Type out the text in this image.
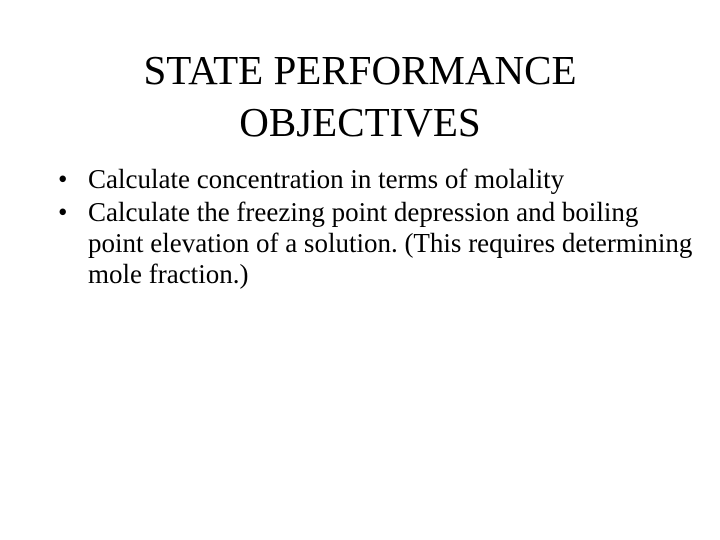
STATE PERFORMANCE
OBJECTIVES
• Calculate concentration in terms of molality
• Calculate the freezing point depression and boiling point elevation of a solution. (This requires determining mole fraction.)
